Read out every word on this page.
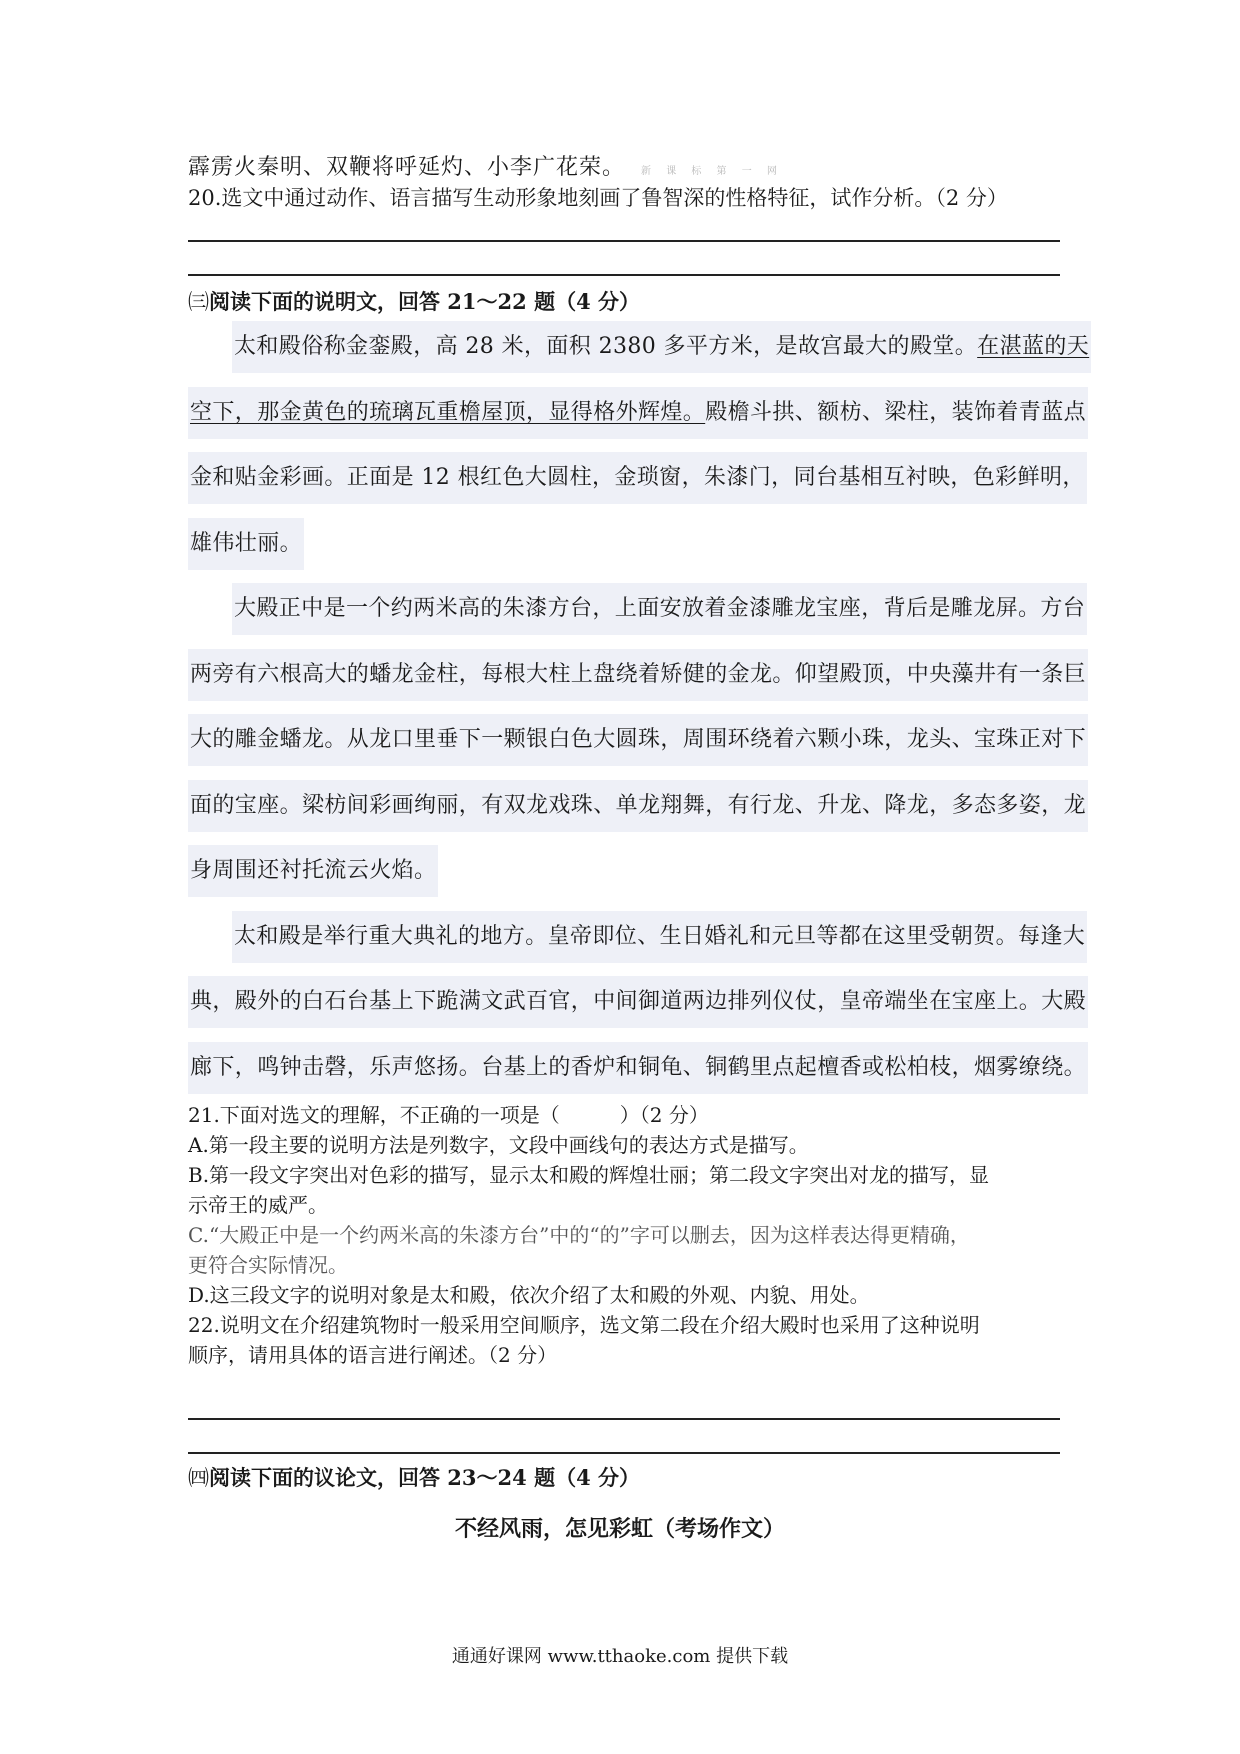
霹雳火秦明、双鞭将呼延灼、小李广花荣。 新 课 标 第 一 网
20.选文中通过动作、语言描写生动形象地刻画了鲁智深的性格特征，试作分析。（2 分）
㈢阅读下面的说明文，回答 21～22 题（4 分）
太和殿俗称金銮殿，高 28 米，面积 2380 多平方米，是故宫最大的殿堂。在湛蓝的天
空下，那金黄色的琉璃瓦重檐屋顶，显得格外辉煌。殿檐斗拱、额枋、梁柱，装饰着青蓝点
金和贴金彩画。正面是 12 根红色大圆柱，金琐窗，朱漆门，同台基相互衬映，色彩鲜明，
雄伟壮丽。
大殿正中是一个约两米高的朱漆方台，上面安放着金漆雕龙宝座，背后是雕龙屏。方台
两旁有六根高大的蟠龙金柱，每根大柱上盘绕着矫健的金龙。仰望殿顶，中央藻井有一条巨
大的雕金蟠龙。从龙口里垂下一颗银白色大圆珠，周围环绕着六颗小珠，龙头、宝珠正对下
面的宝座。梁枋间彩画绚丽，有双龙戏珠、单龙翔舞，有行龙、升龙、降龙，多态多姿，龙
身周围还衬托流云火焰。
太和殿是举行重大典礼的地方。皇帝即位、生日婚礼和元旦等都在这里受朝贺。每逢大
典，殿外的白石台基上下跪满文武百官，中间御道两边排列仪仗，皇帝端坐在宝座上。大殿
廊下，鸣钟击磬，乐声悠扬。台基上的香炉和铜龟、铜鹤里点起檀香或松柏枝，烟雾缭绕。
21.下面对选文的理解，不正确的一项是（　　　）（2 分）
A.第一段主要的说明方法是列数字，文段中画线句的表达方式是描写。
B.第一段文字突出对色彩的描写，显示太和殿的辉煌壮丽；第二段文字突出对龙的描写，显
示帝王的威严。
C.“大殿正中是一个约两米高的朱漆方台”中的“的”字可以删去，因为这样表达得更精确，
更符合实际情况。
D.这三段文字的说明对象是太和殿，依次介绍了太和殿的外观、内貌、用处。
22.说明文在介绍建筑物时一般采用空间顺序，选文第二段在介绍大殿时也采用了这种说明
顺序，请用具体的语言进行阐述。（2 分）
㈣阅读下面的议论文，回答 23～24 题（4 分）
不经风雨，怎见彩虹（考场作文）
通通好课网 www.tthaoke.com 提供下载
